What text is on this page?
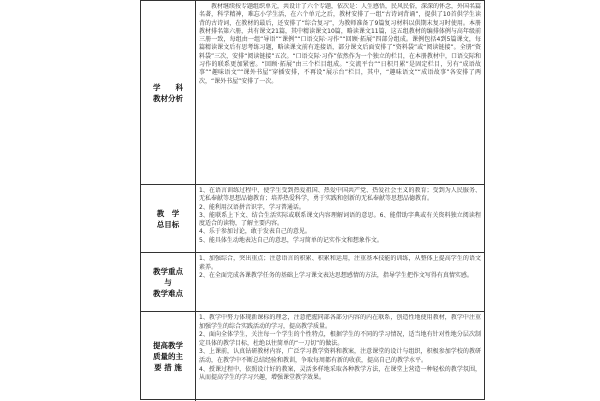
学　　科
教材分析

教材继续按专题组织单元，共设计了六个专题，依次是：人生感悟，民风民俗，深深的怀念，外国名篇名著，科学精神，难忘小学生活，在六个单元之后，教材安排了一组“古诗词背诵”，提供了10首供学生读背的古诗词，在教材的最后，还安排了“综合复习”，为教师准备了9篇复习材料以供期末复习时使用。本册教材排名第六册，共有课文21篇，其中精读课文10篇，略读课文11篇，这五组教材的编排体例与高年级前三册一致，每组由一组“导语”“课例”“口语交际·习作”“回顾·拓展”四部分组成。课例包括4到5篇课文，每篇精读课文后有思考练习题，略读课文前有连接语，部分课文后面安排了“资料袋”或“阅读链接”。全册“资料袋”三次，安排“阅读链接”五次。“口语交际·习作”依然作为一个独立的栏目，在本册教材中，口语交际和习作的联系更加紧密。“回顾·拓展”由三个栏目组成。“交流平台”“日积月累”是固定栏目，另有“成语故事”“趣味语文”“课外书屋”穿插安排，不再设“展示台”栏目，其中，“趣味语文”“成语故事”各安排了两次，“课外书屋”安排了一次。

教　学
总目标

1、在语言训练过程中，使学生受到热爱祖国、热爱中国共产党、热爱社会主义的教育；受到为人民服务、无私奉献等思想品德教育；培养热爱科学，勇于实践和创新的无私奉献等思想品德教育。

2、能利用汉语拼音识字，学习普通话。

3、能联系上下文、结合生活实际或联系课文内容理解词语的意思。6、能借助字典或有关资料独立阅读程度适合的读物，了解主要内容。

4、乐于参加讨论，敢于发表自己的意见。

5、能具体生动地表达自己的意思，学习简单的记实作文和想象作文。

教学重点
与
教学难点

1、加强综合，突出重点；注意语言的积累、积累和运用，注重基本技能的训练，从整体上提高学生的语文素养。

2、在全面完成各课教学任务的基础上学习课文表达思想感情的方法，指导学生把作文写得有真情实感。

提高教学
质量的主
要 措 施

1、教学中努力体现新课标的理念，注意把握同部各部分内容的内在联系，创造性地使用教材，教学中注重加强学生的综合实践活动的学习，提高教学质量。

2、面向全体学生，关注每一个学生的个性特点，根据学生的不同的学习情况，适当地有针对性地分层次制定具体的教学目标，杜绝以往简单的“一刀切”的做法。

3、上课前，认真钻研教材内容，广泛学习教学资料和教案，注意课堂的设计与组织，积极参加学校的教研活动，在教学中不断总结经验和教训，争取每周都有新的收获，提高自己的教学水平。

4、授课过程中，依照设计好的教案，灵活多样地采取各种教学方法，在课堂上营造一种轻松的教学氛围，从而提高学生的学习兴趣，增强课堂教学效果。
